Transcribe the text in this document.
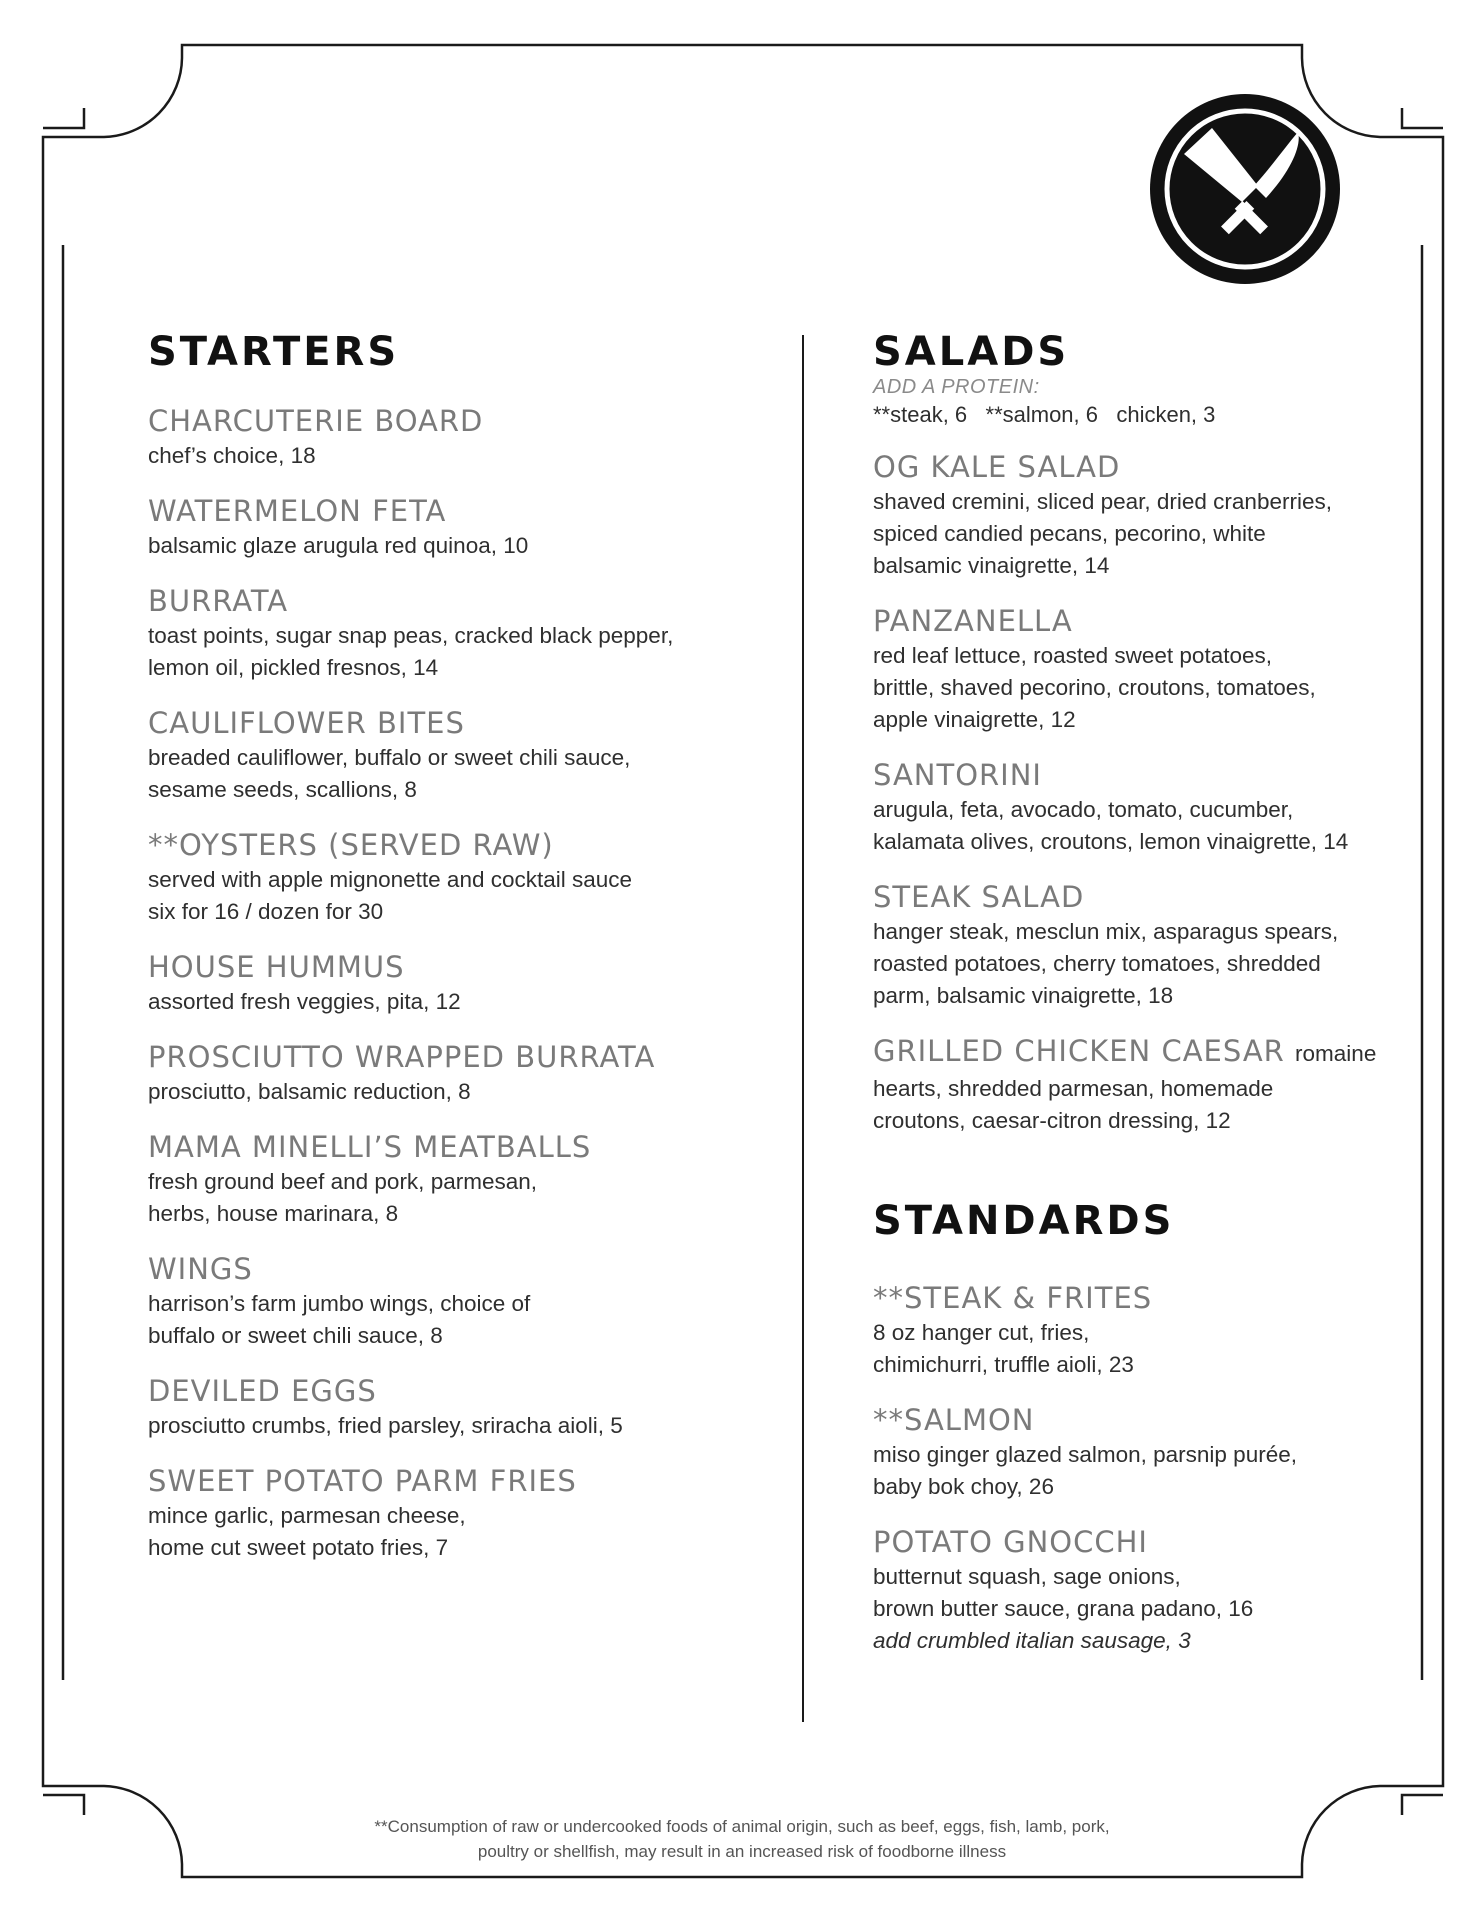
STARTERS
CHARCUTERIE BOARD
chef’s choice, 18
WATERMELON FETA
balsamic glaze arugula red quinoa, 10
BURRATA
toast points, sugar snap peas, cracked black pepper,
lemon oil, pickled fresnos, 14
CAULIFLOWER BITES
breaded cauliflower, buffalo or sweet chili sauce,
sesame seeds, scallions, 8
**OYSTERS (SERVED RAW)
served with apple mignonette and cocktail sauce
six for 16 / dozen for 30
HOUSE HUMMUS
assorted fresh veggies, pita, 12
PROSCIUTTO WRAPPED BURRATA
prosciutto, balsamic reduction, 8
MAMA MINELLI’S MEATBALLS
fresh ground beef and pork, parmesan,
herbs, house marinara, 8
WINGS
harrison’s farm jumbo wings, choice of
buffalo or sweet chili sauce, 8
DEVILED EGGS
prosciutto crumbs, fried parsley, sriracha aioli, 5
SWEET POTATO PARM FRIES
mince garlic, parmesan cheese,
home cut sweet potato fries, 7
SALADS
ADD A PROTEIN:
**steak, 6   **salmon, 6   chicken, 3
OG KALE SALAD
shaved cremini, sliced pear, dried cranberries,
spiced candied pecans, pecorino, white
balsamic vinaigrette, 14
PANZANELLA
red leaf lettuce, roasted sweet potatoes,
brittle, shaved pecorino, croutons, tomatoes,
apple vinaigrette, 12
SANTORINI
arugula, feta, avocado, tomato, cucumber,
kalamata olives, croutons, lemon vinaigrette, 14
STEAK SALAD
hanger steak, mesclun mix, asparagus spears,
roasted potatoes, cherry tomatoes, shredded
parm, balsamic vinaigrette, 18
GRILLED CHICKEN CAESAR romaine
hearts, shredded parmesan, homemade
croutons, caesar-citron dressing, 12
STANDARDS
**STEAK & FRITES
8 oz hanger cut, fries,
chimichurri, truffle aioli, 23
**SALMON
miso ginger glazed salmon, parsnip purée,
baby bok choy, 26
POTATO GNOCCHI
butternut squash, sage onions,
brown butter sauce, grana padano, 16
add crumbled italian sausage, 3
**Consumption of raw or undercooked foods of animal origin, such as beef, eggs, fish, lamb, pork,
poultry or shellfish, may result in an increased risk of foodborne illness
